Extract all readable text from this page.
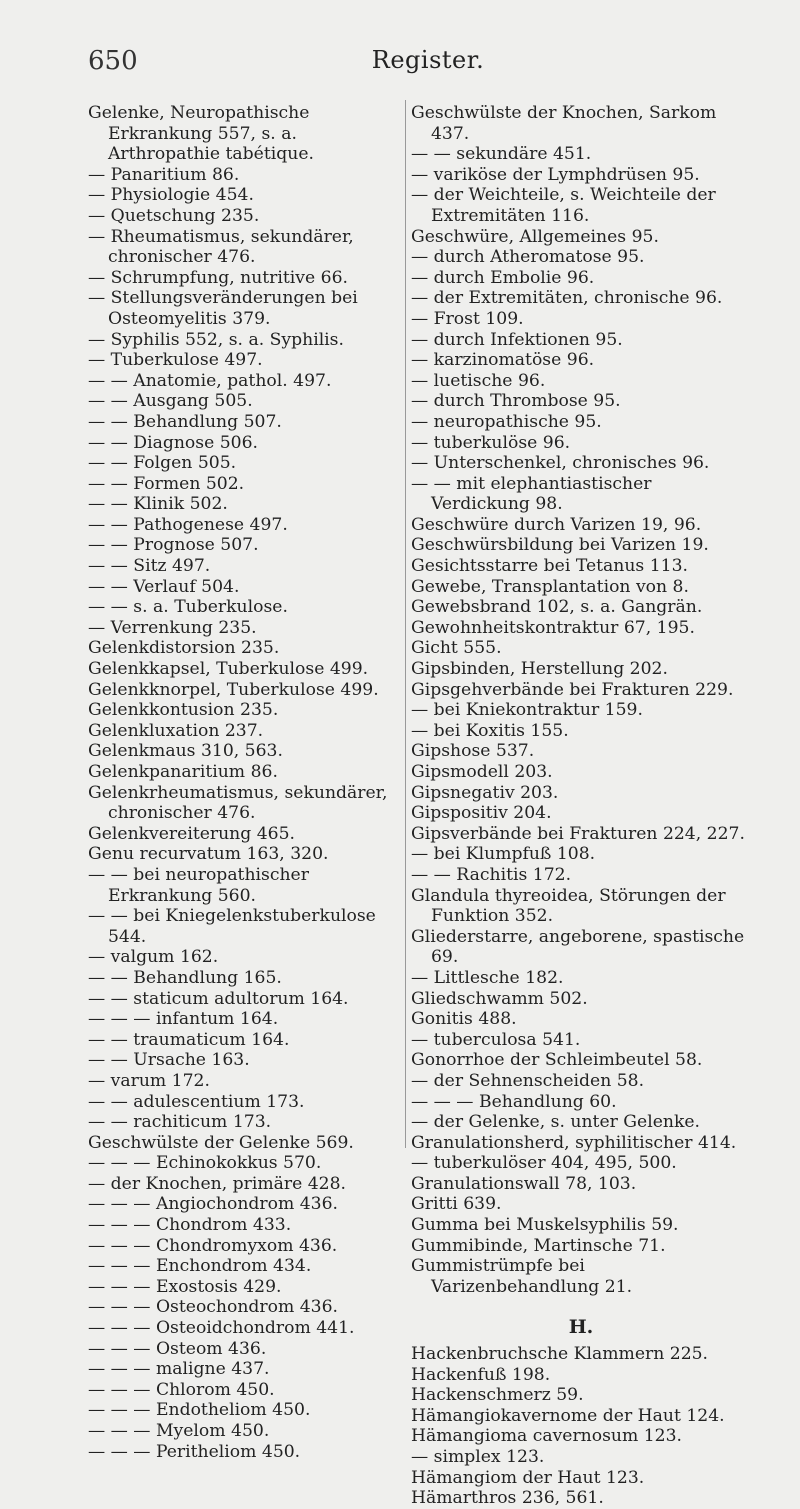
650	Register.
Gelenke, Neuropathische Erkrankung 557, s. a. Arthropathie tabétique.
— Panaritium 86.
— Physiologie 454.
— Quetschung 235.
— Rheumatismus, sekundärer, chronischer 476.
— Schrumpfung, nutritive 66.
— Stellungsveränderungen bei Osteomyelitis 379.
— Syphilis 552, s. a. Syphilis.
— Tuberkulose 497.
— — Anatomie, pathol. 497.
— — Ausgang 505.
— — Behandlung 507.
— — Diagnose 506.
— — Folgen 505.
— — Formen 502.
— — Klinik 502.
— — Pathogenese 497.
— — Prognose 507.
— — Sitz 497.
— — Verlauf 504.
— — s. a. Tuberkulose.
— Verrenkung 235.
Gelenkdistorsion 235.
Gelenkkapsel, Tuberkulose 499.
Gelenkknorpel, Tuberkulose 499.
Gelenkkontusion 235.
Gelenkluxation 237.
Gelenkmaus 310, 563.
Gelenkpanaritium 86.
Gelenkrheumatismus, sekundärer, chronischer 476.
Gelenkvereiterung 465.
Genu recurvatum 163, 320.
— — bei neuropathischer Erkrankung 560.
— — bei Kniegelenkstuberkulose 544.
— valgum 162.
— — Behandlung 165.
— — staticum adultorum 164.
— — — infantum 164.
— — traumaticum 164.
— — Ursache 163.
— varum 172.
— — adulescentium 173.
— — rachiticum 173.
Geschwülste der Gelenke 569.
— — — Echinokokkus 570.
— der Knochen, primäre 428.
— — — Angiochondrom 436.
— — — Chondrom 433.
— — — Chondromyxom 436.
— — — Enchondrom 434.
— — — Exostosis 429.
— — — Osteochondrom 436.
— — — Osteoidchondrom 441.
— — — Osteom 436.
— — — maligne 437.
— — — Chlorom 450.
— — — Endotheliom 450.
— — — Myelom 450.
— — — Peritheliom 450.
Geschwülste der Knochen, Sarkom 437.
— — sekundäre 451.
— variköse der Lymphdrüsen 95.
— der Weichteile, s. Weichteile der Extremitäten 116.
Geschwüre, Allgemeines 95.
— durch Atheromatose 95.
— durch Embolie 96.
— der Extremitäten, chronische 96.
— Frost 109.
— durch Infektionen 95.
— karzinomatöse 96.
— luetische 96.
— durch Thrombose 95.
— neuropathische 95.
— tuberkulöse 96.
— Unterschenkel, chronisches 96.
— — mit elephantiastischer Verdickung 98.
Geschwüre durch Varizen 19, 96.
Geschwürsbildung bei Varizen 19.
Gesichtsstarre bei Tetanus 113.
Gewebe, Transplantation von 8.
Gewebsbrand 102, s. a. Gangrän.
Gewohnheitskontraktur 67, 195.
Gicht 555.
Gipsbinden, Herstellung 202.
Gipsgehverbände bei Frakturen 229.
— bei Kniekontraktur 159.
— bei Koxitis 155.
Gipshose 537.
Gipsmodell 203.
Gipsnegativ 203.
Gipspositiv 204.
Gipsverbände bei Frakturen 224, 227.
— bei Klumpfuß 108.
— — Rachitis 172.
Glandula thyreoidea, Störungen der Funktion 352.
Gliederstarre, angeborene, spastische 69.
— Littlesche 182.
Gliedschwamm 502.
Gonitis 488.
— tuberculosa 541.
Gonorrhoe der Schleimbeutel 58.
— der Sehnenscheiden 58.
— — — Behandlung 60.
— der Gelenke, s. unter Gelenke.
Granulationsherd, syphilitischer 414.
— tuberkulöser 404, 495, 500.
Granulationswall 78, 103.
Gritti 639.
Gumma bei Muskelsyphilis 59.
Gummibinde, Martinsche 71.
Gummistrümpfe bei Varizenbehandlung 21.
H.
Hackenbruchsche Klammern 225.
Hackenfuß 198.
Hackenschmerz 59.
Hämangiokavernome der Haut 124.
Hämangioma cavernosum 123.
— simplex 123.
Hämangiom der Haut 123.
Hämarthros 236, 561.
